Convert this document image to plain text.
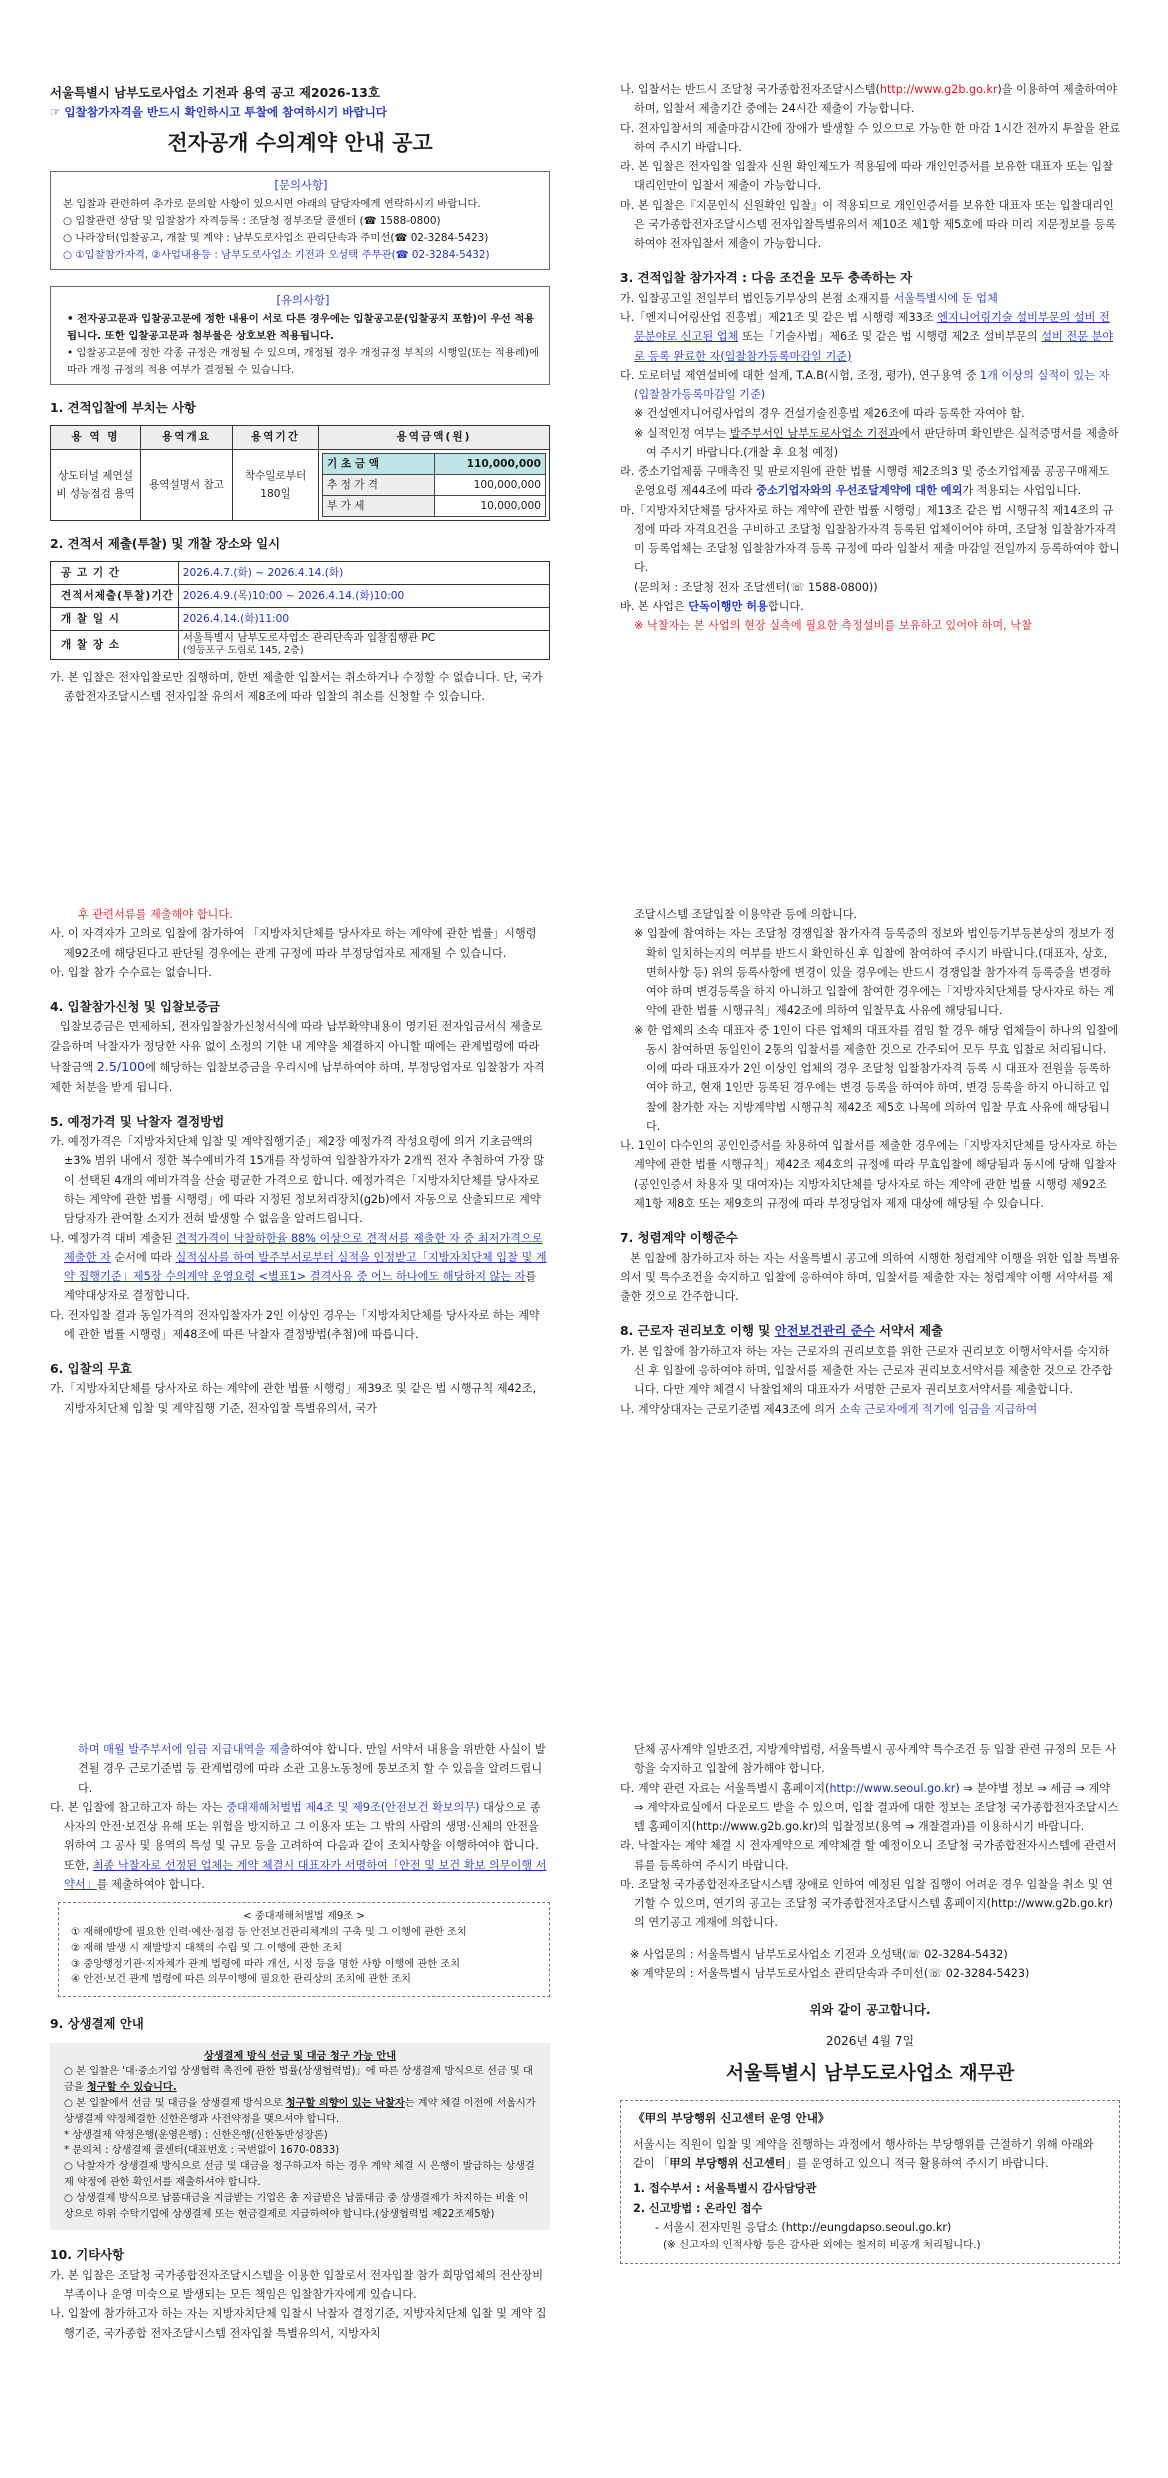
서울특별시 남부도로사업소 기전과 용역 공고 제2026-13호
☞ 입찰참가자격을 반드시 확인하시고 투찰에 참여하시기 바랍니다
전자공개 수의계약 안내 공고
[문의사항]
본 입찰과 관련하여 추가로 문의할 사항이 있으시면 아래의 담당자에게 연락하시기 바랍니다.
○ 입찰관련 상담 및 입찰참가 자격등록 : 조달청 정부조달 콜센터 (☎ 1588-0800)
○ 나라장터(입찰공고, 개찰 및 계약 : 남부도로사업소 관리단속과 주미선(☎ 02-3284-5423)
○ ①입찰참가자격, ②사업내용등 : 남부도로사업소 기전과 오성택 주무관(☎ 02-3284-5432)
[유의사항]
• 전자공고문과 입찰공고문에 정한 내용이 서로 다른 경우에는 입찰공고문(입찰공지 포함)이 우선 적용됩니다. 또한 입찰공고문과 첨부물은 상호보완 적용됩니다.
• 입찰공고문에 정한 각종 규정은 개정될 수 있으며, 개정될 경우 개정규정 부칙의 시행일(또는 적용례)에 따라 개정 규정의 적용 여부가 결정될 수 있습니다.
1. 견적입찰에 부치는 사항
용 역 명	용역개요	용역기간	용역금액(원)
상도터널 제연설비 성능점검 용역	용역설명서 참고	착수일로부터 180일	
기 초 금 액	110,000,000
추 정 가 격	100,000,000
부 가 세	10,000,000
2. 견적서 제출(투찰) 및 개찰 장소와 일시
공 고 기 간	2026.4.7.(화) ~ 2026.4.14.(화)
견적서제출(투찰)기간	2026.4.9.(목)10:00 ~ 2026.4.14.(화)10:00
개 찰 일 시	2026.4.14.(화)11:00
개 찰 장 소	서울특별시 남부도로사업소 관리단속과 입찰집행관 PC
(영등포구 도림로 145, 2층)
가. 본 입찰은 전자입찰로만 집행하며, 한번 제출한 입찰서는 취소하거나 수정할 수 없습니다. 단, 국가종합전자조달시스템 전자입찰 유의서 제8조에 따라 입찰의 취소를 신청할 수 있습니다.
나. 입찰서는 반드시 조달청 국가종합전자조달시스템(http://www.g2b.go.kr)을 이용하여 제출하여야 하며, 입찰서 제출기간 중에는 24시간 제출이 가능합니다.
다. 전자입찰서의 제출마감시간에 장애가 발생할 수 있으므로 가능한 한 마감 1시간 전까지 투찰을 완료하여 주시기 바랍니다.
라. 본 입찰은 전자입찰 입찰자 신원 확인제도가 적용됨에 따라 개인인증서를 보유한 대표자 또는 입찰 대리인만이 입찰서 제출이 가능합니다.
마. 본 입찰은『지문인식 신원확인 입찰』이 적용되므로 개인인증서를 보유한 대표자 또는 입찰대리인은 국가종합전자조달시스템 전자입찰특별유의서 제10조 제1항 제5호에 따라 미리 지문정보를 등록하여야 전자입찰서 제출이 가능합니다.
3. 견적입찰 참가자격 : 다음 조건을 모두 충족하는 자
가. 입찰공고일 전일부터 법인등기부상의 본점 소재지를 서울특별시에 둔 업체
나.「엔지니어링산업 진흥법」제21조 및 같은 법 시행령 제33조 엔지니어링기술 설비부문의 설비 전문분야로 신고된 업체 또는「기술사법」제6조 및 같은 법 시행령 제2조 설비부문의 설비 전문 분야로 등록 완료한 자(입찰참가등록마감일 기준)
다. 도로터널 제연설비에 대한 설계, T.A.B(시험, 조정, 평가), 연구용역 중 1개 이상의 실적이 있는 자(입찰참가등록마감일 기준)
※ 건설엔지니어링사업의 경우 건설기술진흥법 제26조에 따라 등록한 자여야 함.
※ 실적인정 여부는 발주부서인 남부도로사업소 기전과에서 판단하며 확인받은 실적증명서를 제출하여 주시기 바랍니다.(개찰 후 요청 예정)
라. 중소기업제품 구매촉진 및 판로지원에 관한 법률 시행령 제2조의3 및 중소기업제품 공공구매제도 운영요령 제44조에 따라 중소기업자와의 우선조달계약에 대한 예외가 적용되는 사업입니다.
마.「지방자치단체를 당사자로 하는 계약에 관한 법률 시행령」제13조 같은 법 시행규칙 제14조의 규정에 따라 자격요건을 구비하고 조달청 입찰참가자격 등록된 업체이어야 하며, 조달청 입찰참가자격 미 등록업체는 조달청 입찰참가자격 등록 규정에 따라 입찰서 제출 마감일 전일까지 등록하여야 합니다.
(문의처 : 조달청 전자 조달센터(☏ 1588-0800))
바. 본 사업은 단독이행만 허용합니다.
※ 낙찰자는 본 사업의 현장 실측에 필요한 측정설비를 보유하고 있어야 하며, 낙찰
후 관련서류를 제출해야 합니다.
사. 이 자격자가 고의로 입찰에 참가하여 「지방자치단체를 당사자로 하는 계약에 관한 법률」시행령 제92조에 해당된다고 판단될 경우에는 관계 규정에 따라 부정당업자로 제재될 수 있습니다.
아. 입찰 참가 수수료는 없습니다.
4. 입찰참가신청 및 입찰보증금
입찰보증금은 면제하되, 전자입찰참가신청서식에 따라 납부확약내용이 명기된 전자입금서식 제출로 갈음하며 낙찰자가 정당한 사유 없이 소정의 기한 내 계약을 체결하지 아니할 때에는 관계법령에 따라 낙찰금액 2.5/100에 해당하는 입찰보증금을 우리시에 납부하여야 하며, 부정당업자로 입찰참가 자격제한 처분을 받게 됩니다.
5. 예정가격 및 낙찰자 결정방법
가. 예정가격은「지방자치단체 입찰 및 계약집행기준」제2장 예정가격 작성요령에 의거 기초금액의 ±3% 범위 내에서 정한 복수예비가격 15개를 작성하여 입찰참가자가 2개씩 전자 추첨하여 가장 많이 선택된 4개의 예비가격을 산술 평균한 가격으로 합니다. 예정가격은「지방자치단체를 당사자로 하는 계약에 관한 법률 시행령」에 따라 지정된 정보처리장치(g2b)에서 자동으로 산출되므로 계약담당자가 관여할 소지가 전혀 발생할 수 없음을 알려드립니다.
나. 예정가격 대비 계출된 견적가격이 낙찰하한율 88% 이상으로 견적서를 제출한 자 중 최저가격으로 제출한 자 순서에 따라 실적심사를 하여 발주부서로부터 실적을 인정받고「지방자치단체 입찰 및 계약 집행기준」제5장 수의계약 운영요령 <별표1> 결격사유 중 어느 하나에도 해당하지 않는 자를 계약대상자로 결정합니다.
다. 전자입찰 결과 동일가격의 전자입찰자가 2인 이상인 경우는「지방자치단체를 당사자로 하는 계약에 관한 법률 시행령」제48조에 따른 낙찰자 결정방법(추첨)에 따릅니다.
6. 입찰의 무효
가.「지방자치단체를 당사자로 하는 계약에 관한 법률 시행령」제39조 및 같은 법 시행규칙 제42조, 지방자치단체 입찰 및 계약집행 기준, 전자입찰 특별유의서, 국가
조달시스템 조달입찰 이용약관 등에 의합니다.
※ 입찰에 참여하는 자는 조달청 경쟁입찰 참가자격 등록증의 정보와 법인등기부등본상의 정보가 정확히 일치하는지의 여부를 반드시 확인하신 후 입찰에 참여하여 주시기 바랍니다.(대표자, 상호, 면허사항 등) 위의 등록사항에 변경이 있을 경우에는 반드시 경쟁입찰 참가자격 등록증을 변경하여야 하며 변경등록을 하지 아니하고 입찰에 참여한 경우에는「지방자치단체를 당사자로 하는 계약에 관한 법률 시행규칙」제42조에 의하여 입찰무효 사유에 해당됩니다.
※ 한 업체의 소속 대표자 중 1인이 다른 업체의 대표자를 겸임 할 경우 해당 업체들이 하나의 입찰에 동시 참여하면 동일인이 2통의 입찰서를 제출한 것으로 간주되어 모두 무효 입찰로 처리됩니다. 이에 따라 대표자가 2인 이상인 업체의 경우 조달청 입찰참가자격 등록 시 대표자 전원을 등록하여야 하고, 현재 1인만 등록된 경우에는 변경 등록을 하여야 하며, 변경 등록을 하지 아니하고 입찰에 참가한 자는 지방계약법 시행규칙 제42조 제5호 나목에 의하여 입찰 무효 사유에 해당됩니다.
나. 1인이 다수인의 공인인증서를 차용하여 입찰서를 제출한 경우에는「지방자치단체를 당사자로 하는 계약에 관한 법률 시행규칙」제42조 제4호의 규정에 따라 무효입찰에 해당됨과 동시에 당해 입찰자(공인인증서 차용자 및 대여자)는 지방자치단체를 당사자로 하는 계약에 관한 법률 시행령 제92조 제1항 제8호 또는 제9호의 규정에 따라 부정당업자 제재 대상에 해당될 수 있습니다.
7. 청렴계약 이행준수
본 입찰에 참가하고자 하는 자는 서울특별시 공고에 의하여 시행한 청렴계약 이행을 위한 입찰 특별유의서 및 특수조건을 숙지하고 입찰에 응하여야 하며, 입찰서를 제출한 자는 청렴계약 이행 서약서를 제출한 것으로 간주합니다.
8. 근로자 권리보호 이행 및 안전보건관리 준수 서약서 제출
가. 본 입찰에 참가하고자 하는 자는 근로자의 권리보호를 위한 근로자 권리보호 이행서약서를 숙지하신 후 입찰에 응하여야 하며, 입찰서를 제출한 자는 근로자 권리보호서약서를 제출한 것으로 간주합니다. 다만 계약 체결시 낙찰업체의 대표자가 서명한 근로자 권리보호서약서를 제출합니다.
나. 계약상대자는 근로기준법 제43조에 의거 소속 근로자에게 적기에 임금을 지급하여
하며 매월 발주부서에 임금 지급내역을 제출하여야 합니다. 만일 서약서 내용을 위반한 사실이 발견될 경우 근로기준법 등 관계법령에 따라 소관 고용노동청에 통보조치 할 수 있음을 알려드립니다.
다. 본 입찰에 참고하고자 하는 자는 중대재해처벌법 제4조 및 제9조(안전보건 확보의무) 대상으로 종사자의 안전·보건상 유해 또는 위험을 방지하고 그 이용자 또는 그 밖의 사람의 생명·신체의 안전을 위하여 그 공사 및 용역의 특성 및 규모 등을 고려하여 다음과 같이 조치사항을 이행하여야 합니다. 또한, 최종 낙찰자로 선정된 업체는 계약 체결시 대표자가 서명하여「안전 및 보건 확보 의무이행 서약서」를 제출하여야 합니다.
< 중대재해처벌법 제9조 >
① 재해예방에 필요한 인력·예산·점검 등 안전보건관리체계의 구축 및 그 이행에 관한 조치
② 재해 발생 시 재발방지 대책의 수립 및 그 이행에 관한 조치
③ 중앙행정기관·지자체가 관계 법령에 따라 개선, 시정 등을 명한 사항 이행에 관한 조치
④ 안전·보건 관계 법령에 따른 의무이행에 필요한 관리상의 조치에 관한 조치
9. 상생결제 안내
상생결제 방식 선금 및 대금 청구 가능 안내
○ 본 입찰은 '대·중소기업 상생협력 촉진에 관한 법률(상생협력법)」에 따른 상생결제 방식으로 선금 및 대금을 청구할 수 있습니다.
○ 본 입찰에서 선금 및 대금을 상생결제 방식으로 청구할 의향이 있는 낙찰자는 계약 체결 이전에 서울시가 상생결제 약정체결한 신한은행과 사전약정을 맺으셔야 합니다.
* 상생결제 약정은행(운영은행) : 신한은행(신한동반성장론)
* 문의처 : 상생결제 콜센터(대표번호 : 국번없이 1670-0833)
○ 낙찰자가 상생결제 방식으로 선금 및 대금을 청구하고자 하는 경우 계약 체결 시 은행이 발급하는 상생결제 약정에 관한 확인서를 제출하셔야 합니다.
○ 상생결제 방식으로 납품대금을 지급받는 기업은 총 지급받은 납품대금 중 상생결제가 차지하는 비율 이상으로 하위 수탁기업에 상생결제 또는 현금결제로 지급하여야 합니다.(상생협력법 제22조제5항)
10. 기타사항
가. 본 입찰은 조달청 국가종합전자조달시스템을 이용한 입찰로서 전자입찰 참가 희망업체의 전산장비 부족이나 운영 미숙으로 발생되는 모든 책임은 입찰참가자에게 있습니다.
나. 입찰에 참가하고자 하는 자는 지방자치단체 입찰시 낙찰자 결정기준, 지방자치단체 입찰 및 계약 집행기준, 국가종합 전자조달시스템 전자입찰 특별유의서, 지방자치
단체 공사계약 일반조건, 지방계약법령, 서울특별시 공사계약 특수조건 등 입찰 관련 규정의 모든 사항을 숙지하고 입찰에 참가해야 합니다.
다. 계약 관련 자료는 서울특별시 홈페이지(http://www.seoul.go.kr) ⇒ 분야별 정보 ⇒ 세금 ⇒ 계약 ⇒ 계약자료실에서 다운로드 받을 수 있으며, 입찰 결과에 대한 정보는 조달청 국가종합전자조달시스템 홈페이지(http://www.g2b.go.kr)의 입찰정보(용역 ⇒ 개찰결과)를 이용하시기 바랍니다.
라. 낙찰자는 계약 체결 시 전자계약으로 계약체결 할 예정이오니 조달청 국가종합전자시스템에 관련서류를 등록하여 주시기 바랍니다.
마. 조달청 국가종합전자조달시스템 장애로 인하여 예정된 입찰 집행이 어려운 경우 입찰을 취소 및 연기할 수 있으며, 연기의 공고는 조달청 국가종합전자조달시스템 홈페이지(http://www.g2b.go.kr)의 연기공고 게재에 의합니다.
※ 사업문의 : 서울특별시 남부도로사업소 기전과 오성택(☏ 02-3284-5432)
※ 계약문의 : 서울특별시 남부도로사업소 관리단속과 주미선(☏ 02-3284-5423)
위와 같이 공고합니다.
2026년 4월 7일
서울특별시 남부도로사업소 재무관
《甲의 부당행위 신고센터 운영 안내》
서울시는 직원이 입찰 및 계약을 진행하는 과정에서 행사하는 부당행위를 근절하기 위해 아래와 같이 「甲의 부당행위 신고센터」를 운영하고 있으니 적극 활용하여 주시기 바랍니다.
1. 접수부서 : 서울특별시 감사담당관
2. 신고방법 : 온라인 접수
- 서울시 전자민원 응답소 (http://eungdapso.seoul.go.kr)
(※ 신고자의 인적사항 등은 감사관 외에는 철저히 비공개 처리됩니다.)
